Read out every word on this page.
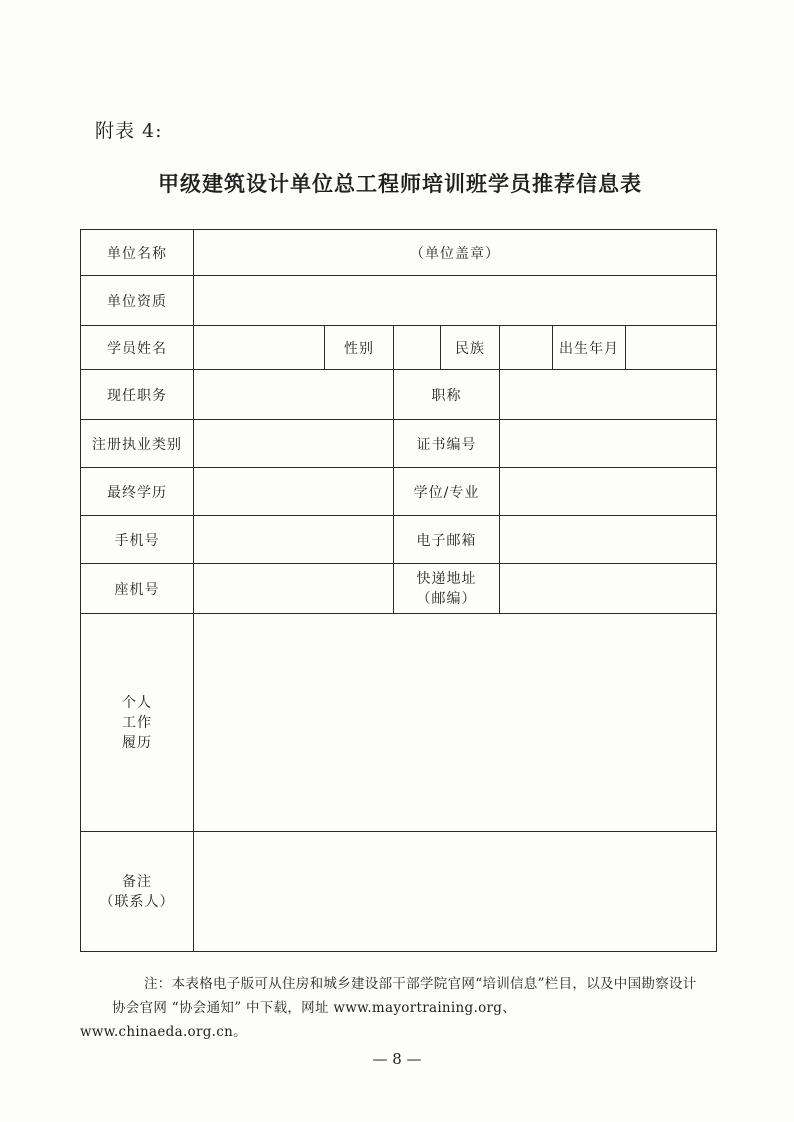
附表 4:
甲级建筑设计单位总工程师培训班学员推荐信息表
单位名称	（单位盖章）						
单位资质							
学员姓名		性别		民族		出生年月	
现任职务			职称				
注册执业类别			证书编号				
最终学历			学位/专业				
手机号			电子邮箱				
座机号			快递地址
（邮编）				

个人
工作
履历							

备注
（联系人）							

注：本表格电子版可从住房和城乡建设部干部学院官网“培训信息”栏目，以及中国勘察设计协会官网 “协会通知” 中下载，网址 www.mayortraining.org、
www.chinaeda.org.cn。
— 8 —
